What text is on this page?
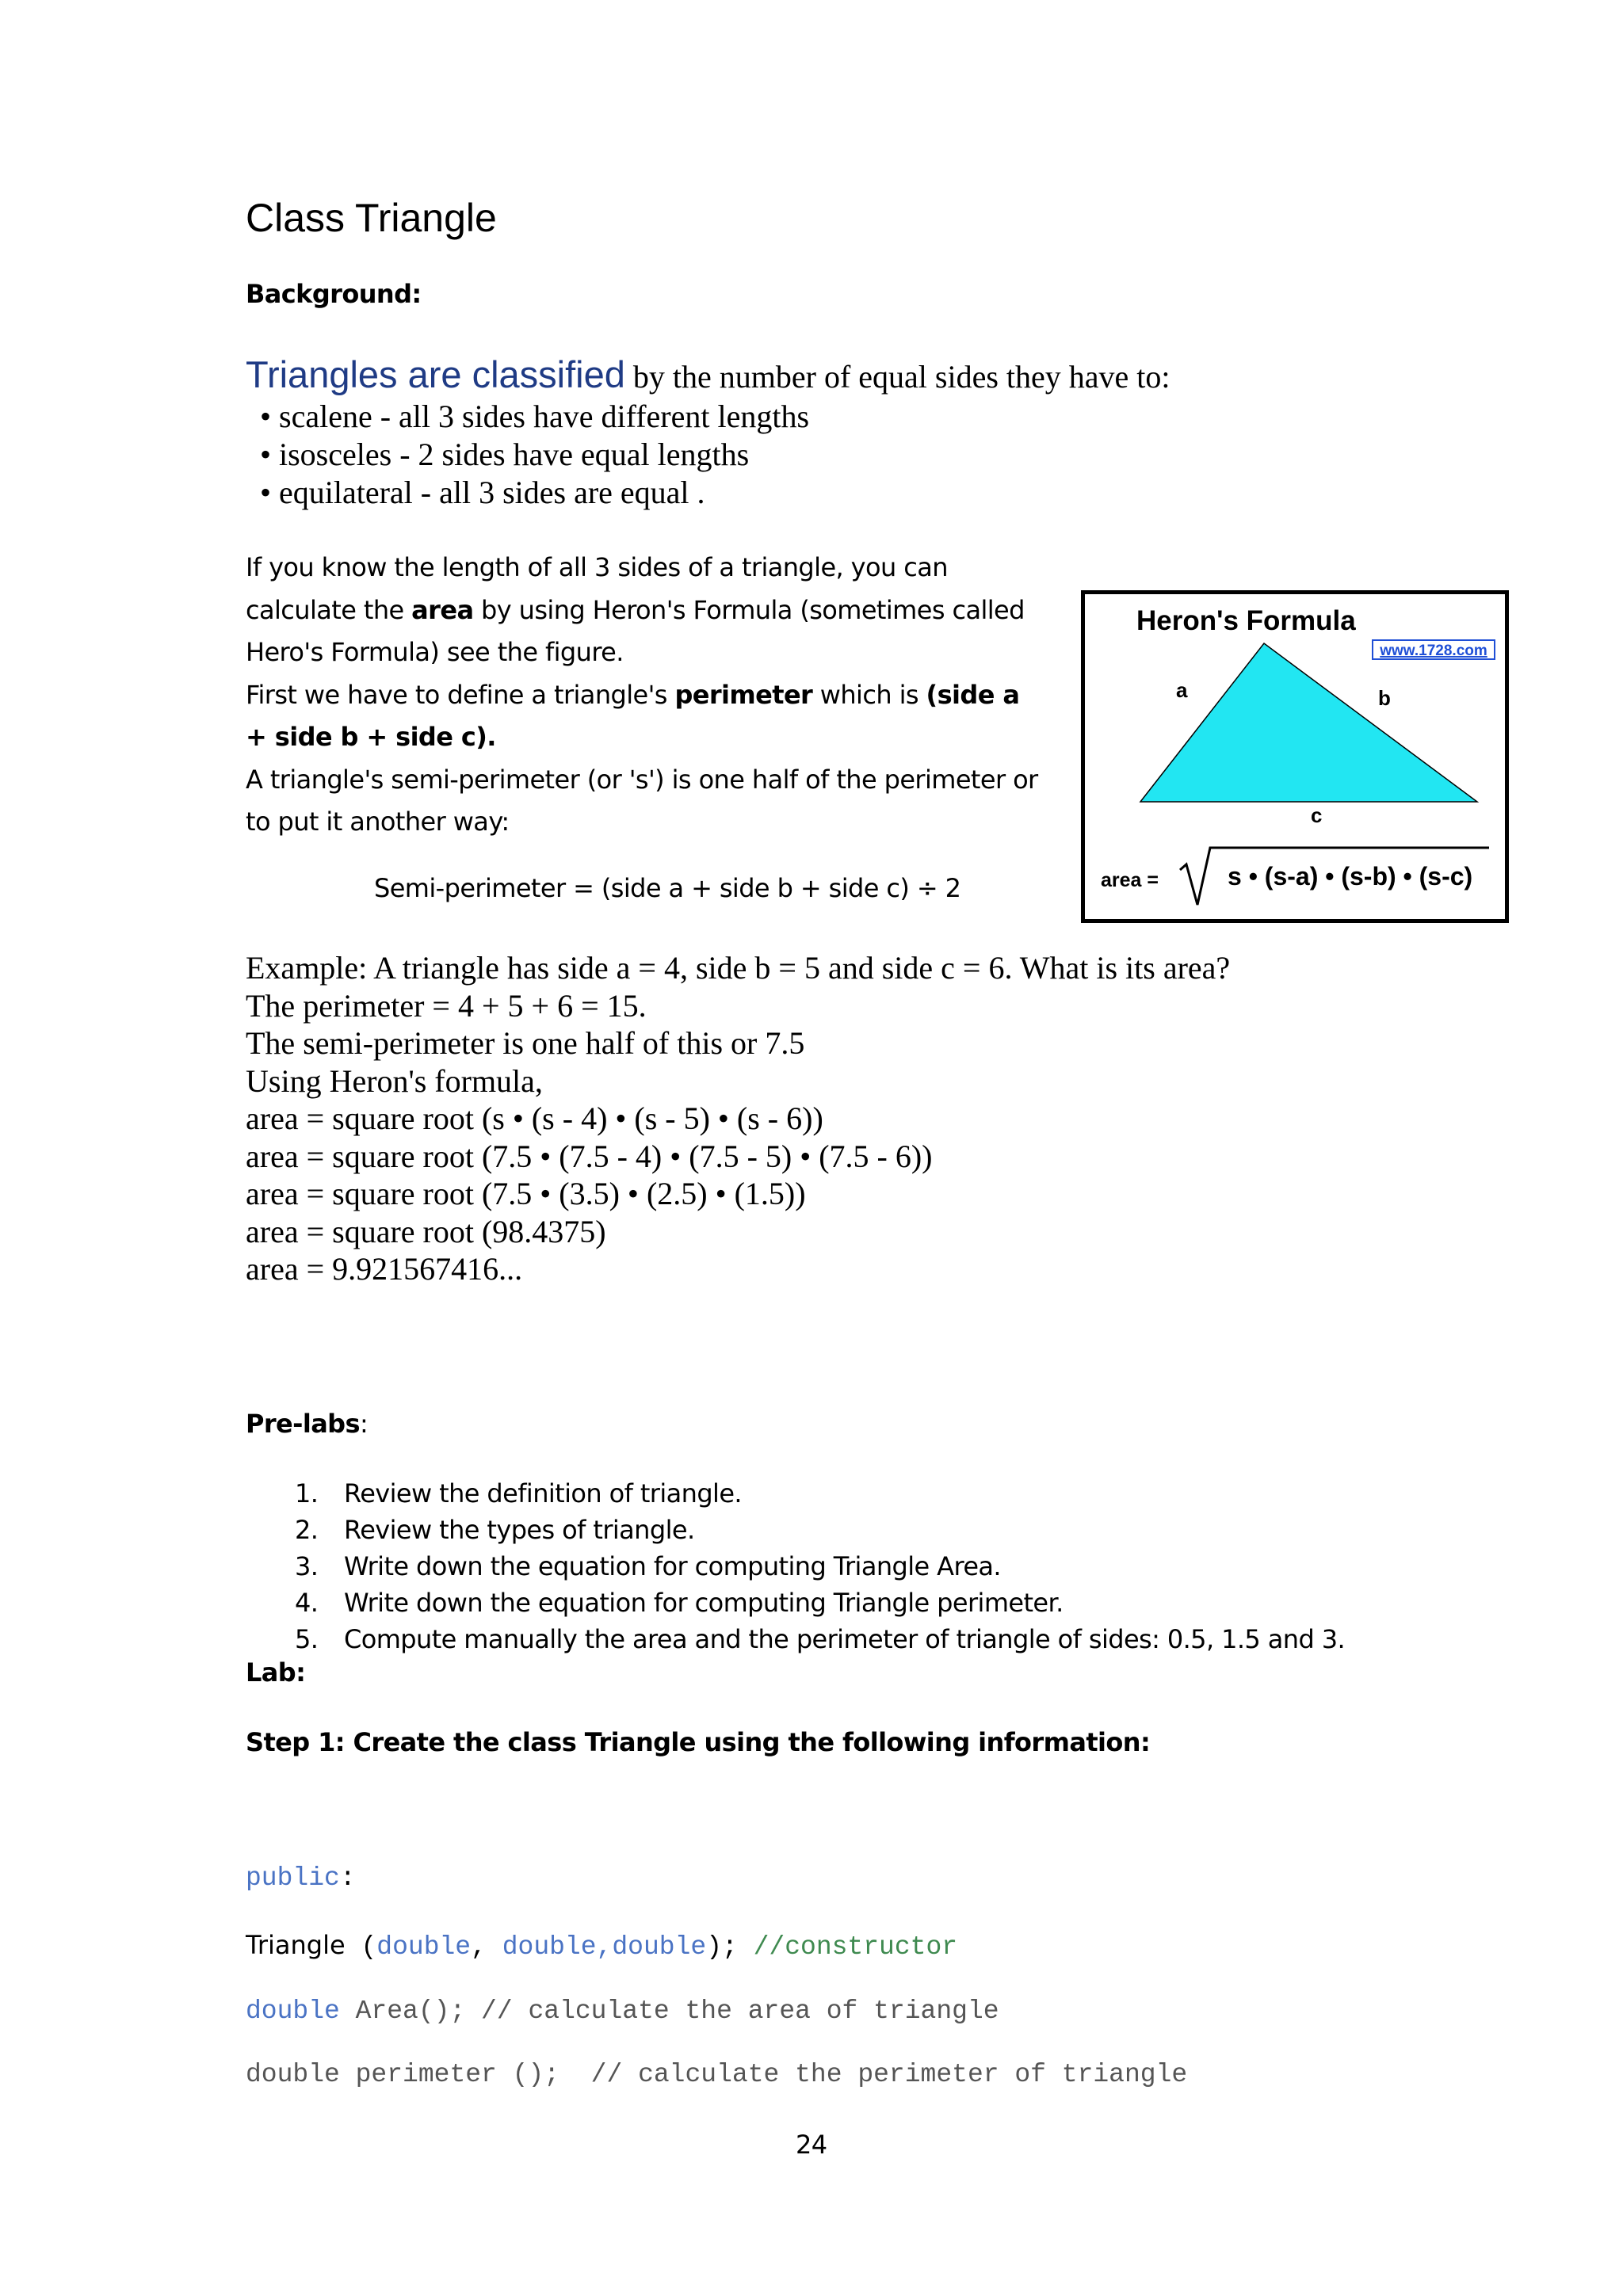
Class Triangle
Background:
Triangles are classified by the number of equal sides they have to:
• scalene - all 3 sides have different lengths
• isosceles - 2 sides have equal lengths
• equilateral - all 3 sides are equal .
If you know the length of all 3 sides of a triangle, you can calculate the area by using Heron's Formula (sometimes called Hero's Formula) see the figure.
First we have to define a triangle's perimeter which is (side a + side b + side c).
A triangle's semi-perimeter (or 's') is one half of the perimeter or to put it another way:
Semi-perimeter = (side a + side b + side c) ÷ 2
Heron's Formula
www.1728.com
a	b
c
area =	s • (s-a) • (s-b) • (s-c)
Example: A triangle has side a = 4, side b = 5 and side c = 6. What is its area?
The perimeter = 4 + 5 + 6 = 15.
The semi-perimeter is one half of this or 7.5
Using Heron's formula,
area = square root (s • (s - 4) • (s - 5) • (s - 6))
area = square root (7.5 • (7.5 - 4) • (7.5 - 5) • (7.5 - 6))
area = square root (7.5 • (3.5) • (2.5) • (1.5))
area = square root (98.4375)
area = 9.921567416...
Pre-labs:
1. Review the definition of triangle.
2. Review the types of triangle.
3. Write down the equation for computing Triangle Area.
4. Write down the equation for computing Triangle perimeter.
5. Compute manually the area and the perimeter of triangle of sides: 0.5, 1.5 and 3.
Lab:
Step 1: Create the class Triangle using the following information:
public:
Triangle (double, double,double); //constructor
double Area(); // calculate the area of triangle
double perimeter ();  // calculate the perimeter of triangle
24
